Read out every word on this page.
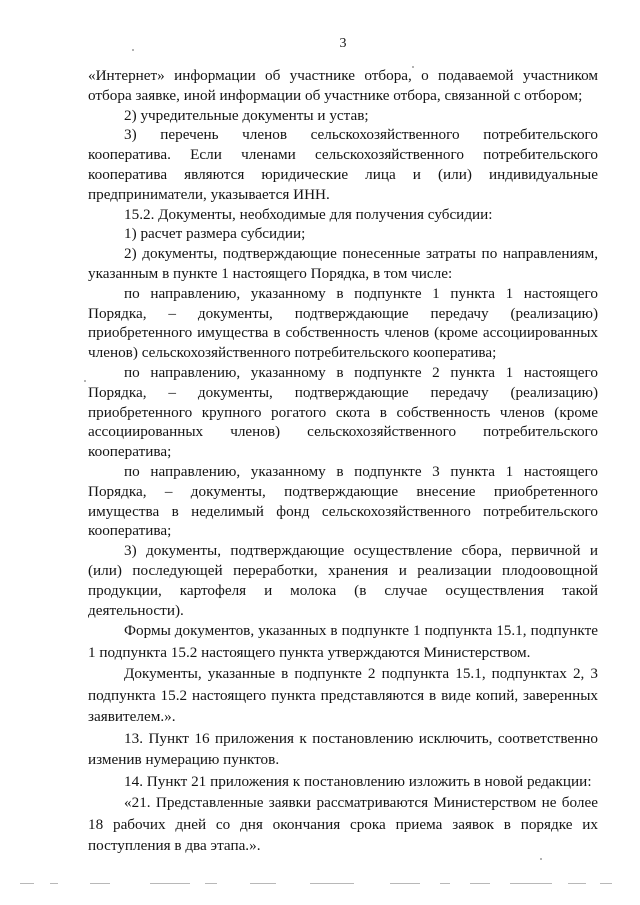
3

«Интернет» информации об участнике отбора, о подаваемой участником отбора заявке, иной информации об участнике отбора, связанной с отбором;

2) учредительные документы и устав;

3) перечень членов сельскохозяйственного потребительского кооператива. Если членами сельскохозяйственного потребительского кооператива являются юридические лица и (или) индивидуальные предприниматели, указывается ИНН.

15.2. Документы, необходимые для получения субсидии:

1) расчет размера субсидии;

2) документы, подтверждающие понесенные затраты по направлениям, указанным в пункте 1 настоящего Порядка, в том числе:

по направлению, указанному в подпункте 1 пункта 1 настоящего Порядка, – документы, подтверждающие передачу (реализацию) приобретенного имущества в собственность членов (кроме ассоциированных членов) сельскохозяйственного потребительского кооператива;

по направлению, указанному в подпункте 2 пункта 1 настоящего Порядка, – документы, подтверждающие передачу (реализацию) приобретенного крупного рогатого скота в собственность членов (кроме ассоциированных членов) сельскохозяйственного потребительского кооператива;

по направлению, указанному в подпункте 3 пункта 1 настоящего Порядка, – документы, подтверждающие внесение приобретенного имущества в неделимый фонд сельскохозяйственного потребительского кооператива;

3) документы, подтверждающие осуществление сбора, первичной и (или) последующей переработки, хранения и реализации плодоовощной продукции, картофеля и молока (в случае осуществления такой деятельности).

Формы документов, указанных в подпункте 1 подпункта 15.1, подпункте 1 подпункта 15.2 настоящего пункта утверждаются Министерством.

Документы, указанные в подпункте 2 подпункта 15.1, подпунктах 2, 3 подпункта 15.2 настоящего пункта представляются в виде копий, заверенных заявителем.».

13. Пункт 16 приложения к постановлению исключить, соответственно изменив нумерацию пунктов.

14. Пункт 21 приложения к постановлению изложить в новой редакции:

«21. Представленные заявки рассматриваются Министерством не более 18 рабочих дней со дня окончания срока приема заявок в порядке их поступления в два этапа.».
